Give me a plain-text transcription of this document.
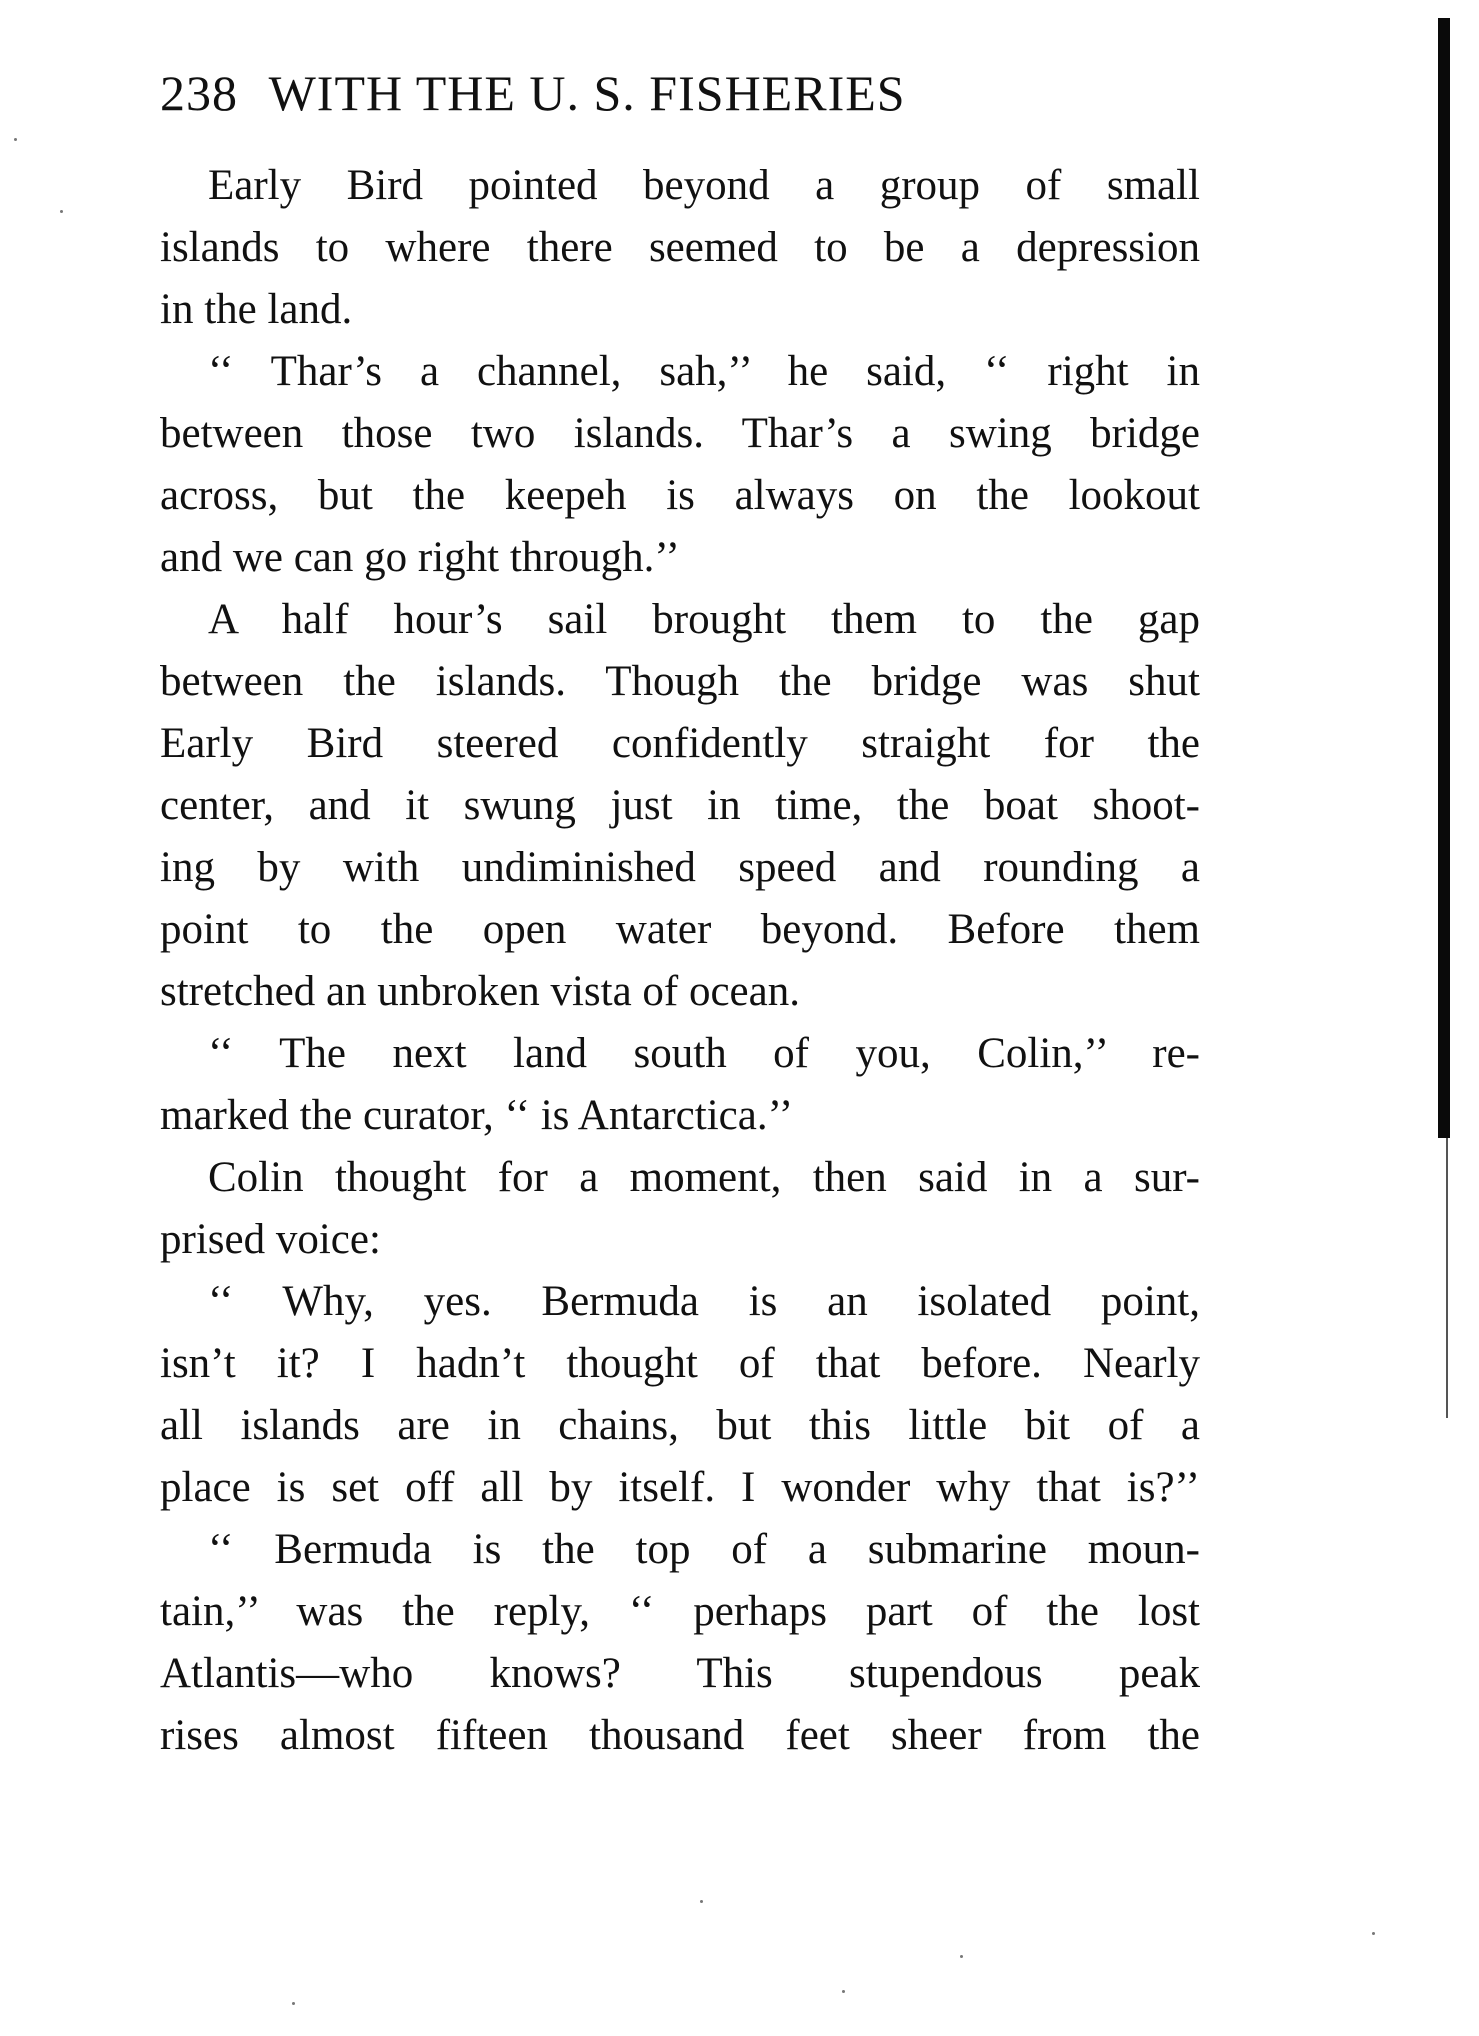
238 WITH THE U. S. FISHERIES
Early Bird pointed beyond a group of small
islands to where there seemed to be a depression
in the land.
‘‘ Thar’s a channel, sah,’’ he said, ‘‘ right in
between those two islands. Thar’s a swing bridge
across, but the keepeh is always on the lookout
and we can go right through.’’
A half hour’s sail brought them to the gap
between the islands. Though the bridge was shut
Early Bird steered confidently straight for the
center, and it swung just in time, the boat shoot-
ing by with undiminished speed and rounding a
point to the open water beyond. Before them
stretched an unbroken vista of ocean.
‘‘ The next land south of you, Colin,’’ re-
marked the curator, ‘‘ is Antarctica.’’
Colin thought for a moment, then said in a sur-
prised voice:
‘‘ Why, yes. Bermuda is an isolated point,
isn’t it? I hadn’t thought of that before. Nearly
all islands are in chains, but this little bit of a
place is set off all by itself. I wonder why that is?’’
‘‘ Bermuda is the top of a submarine moun-
tain,’’ was the reply, ‘‘ perhaps part of the lost
Atlantis—who knows? This stupendous peak
rises almost fifteen thousand feet sheer from the
